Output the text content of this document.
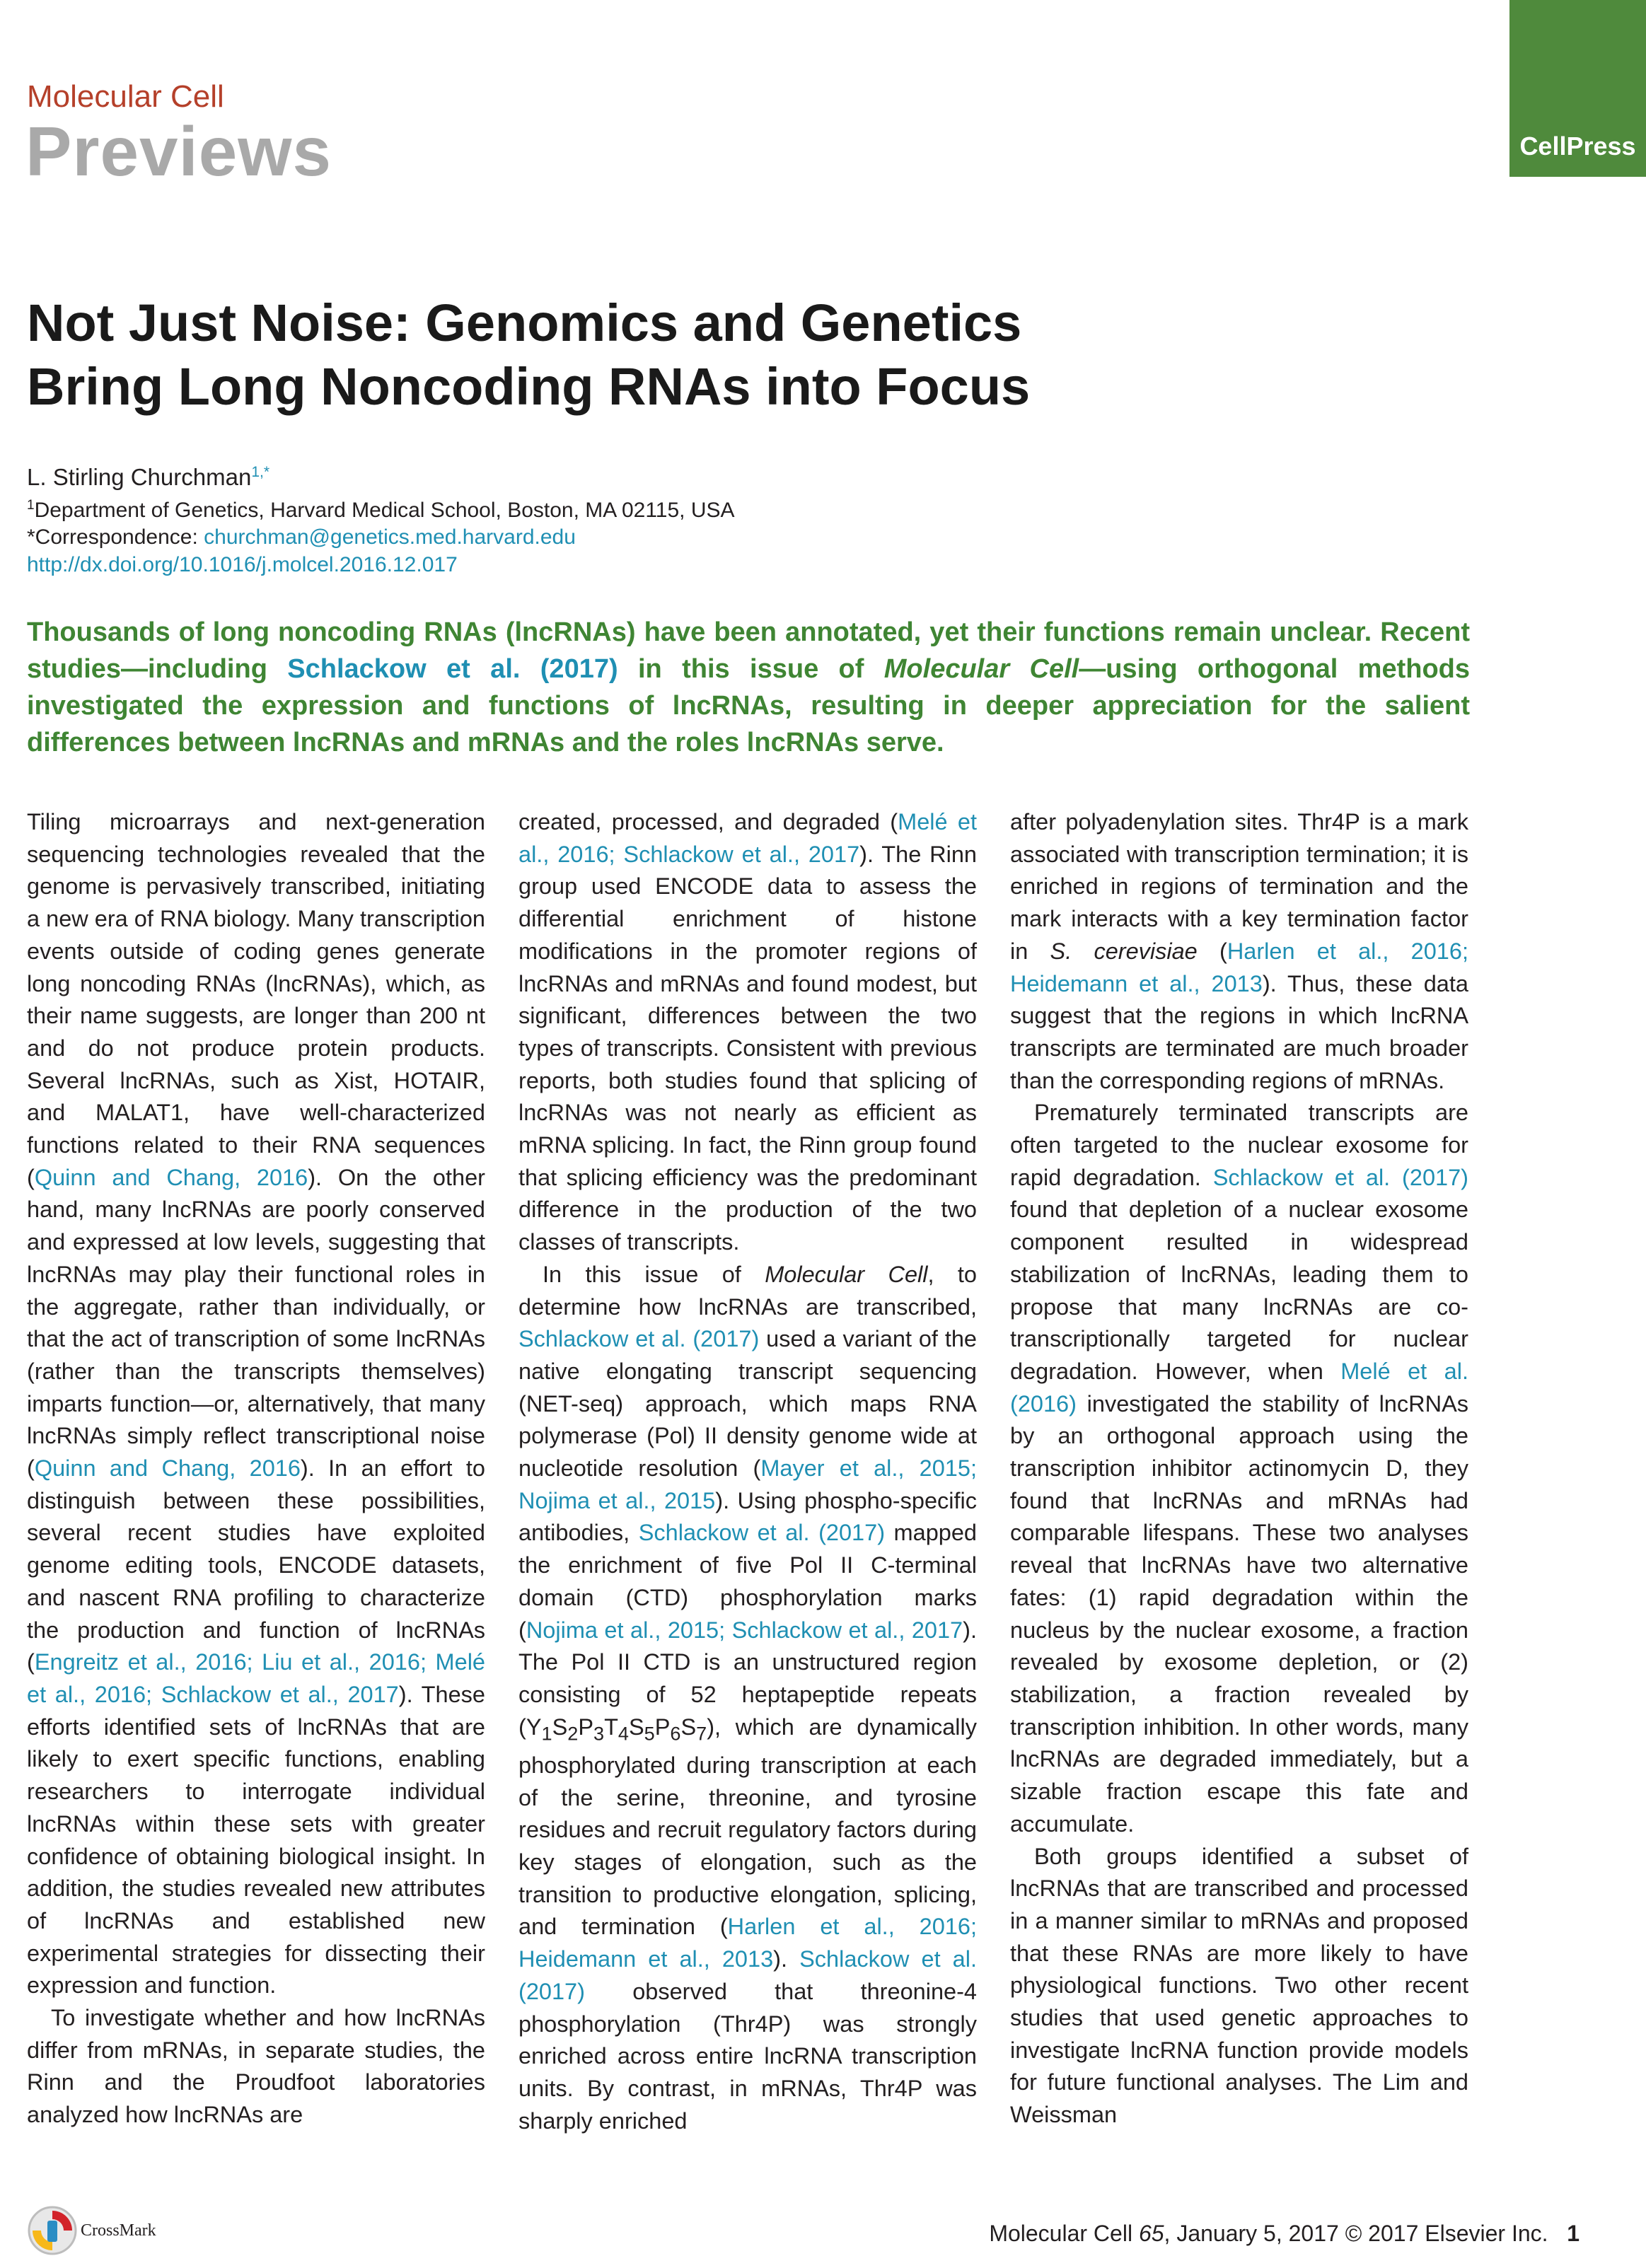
Molecular Cell
Previews	CellPress
Not Just Noise: Genomics and Genetics
Bring Long Noncoding RNAs into Focus
L. Stirling Churchman$^{1,*}$
$^1$Department of Genetics, Harvard Medical School, Boston, MA 02115, USA
*Correspondence: churchman@genetics.med.harvard.edu
http://dx.doi.org/10.1016/j.molcel.2016.12.017
Thousands of long noncoding RNAs (lncRNAs) have been annotated, yet their functions remain unclear. Recent studies—including Schlackow et al. (2017) in this issue of Molecular Cell—using orthogonal methods investigated the expression and functions of lncRNAs, resulting in deeper appreciation for the salient differences between lncRNAs and mRNAs and the roles lncRNAs serve.

Tiling microarrays and next-generation sequencing technologies revealed that the genome is pervasively transcribed, initiating a new era of RNA biology. Many transcription events outside of coding genes generate long noncoding RNAs (lncRNAs), which, as their name suggests, are longer than 200 nt and do not produce protein products. Several lncRNAs, such as Xist, HOTAIR, and MALAT1, have well-characterized functions related to their RNA sequences (Quinn and Chang, 2016). On the other hand, many lncRNAs are poorly conserved and expressed at low levels, suggesting that lncRNAs may play their functional roles in the aggregate, rather than individually, or that the act of transcription of some lncRNAs (rather than the transcripts themselves) imparts function—or, alternatively, that many lncRNAs simply reflect transcriptional noise (Quinn and Chang, 2016). In an effort to distinguish between these possibilities, several recent studies have exploited genome editing tools, ENCODE datasets, and nascent RNA profiling to characterize the production and function of lncRNAs (Engreitz et al., 2016; Liu et al., 2016; Melé et al., 2016; Schlackow et al., 2017). These efforts identified sets of lncRNAs that are likely to exert specific functions, enabling researchers to interrogate individual lncRNAs within these sets with greater confidence of obtaining biological insight. In addition, the studies revealed new attributes of lncRNAs and established new experimental strategies for dissecting their expression and function.

To investigate whether and how lncRNAs differ from mRNAs, in separate studies, the Rinn and the Proudfoot laboratories analyzed how lncRNAs are

created, processed, and degraded (Melé et al., 2016; Schlackow et al., 2017). The Rinn group used ENCODE data to assess the differential enrichment of histone modifications in the promoter regions of lncRNAs and mRNAs and found modest, but significant, differences between the two types of transcripts. Consistent with previous reports, both studies found that splicing of lncRNAs was not nearly as efficient as mRNA splicing. In fact, the Rinn group found that splicing efficiency was the predominant difference in the production of the two classes of transcripts.

In this issue of Molecular Cell, to determine how lncRNAs are transcribed, Schlackow et al. (2017) used a variant of the native elongating transcript sequencing (NET-seq) approach, which maps RNA polymerase (Pol) II density genome wide at nucleotide resolution (Mayer et al., 2015; Nojima et al., 2015). Using phospho-specific antibodies, Schlackow et al. (2017) mapped the enrichment of five Pol II C-terminal domain (CTD) phosphorylation marks (Nojima et al., 2015; Schlackow et al., 2017). The Pol II CTD is an unstructured region consisting of 52 heptapeptide repeats $(Y_1S_2P_3T_4S_5P_6S_7)$, which are dynamically phosphorylated during transcription at each of the serine, threonine, and tyrosine residues and recruit regulatory factors during key stages of elongation, such as the transition to productive elongation, splicing, and termination (Harlen et al., 2016; Heidemann et al., 2013). Schlackow et al. (2017) observed that threonine-4 phosphorylation (Thr4P) was strongly enriched across entire lncRNA transcription units. By contrast, in mRNAs, Thr4P was sharply enriched

after polyadenylation sites. Thr4P is a mark associated with transcription termination; it is enriched in regions of termination and the mark interacts with a key termination factor in S. cerevisiae (Harlen et al., 2016; Heidemann et al., 2013). Thus, these data suggest that the regions in which lncRNA transcripts are terminated are much broader than the corresponding regions of mRNAs.

Prematurely terminated transcripts are often targeted to the nuclear exosome for rapid degradation. Schlackow et al. (2017) found that depletion of a nuclear exosome component resulted in widespread stabilization of lncRNAs, leading them to propose that many lncRNAs are co-transcriptionally targeted for nuclear degradation. However, when Melé et al. (2016) investigated the stability of lncRNAs by an orthogonal approach using the transcription inhibitor actinomycin D, they found that lncRNAs and mRNAs had comparable lifespans. These two analyses reveal that lncRNAs have two alternative fates: (1) rapid degradation within the nucleus by the nuclear exosome, a fraction revealed by exosome depletion, or (2) stabilization, a fraction revealed by transcription inhibition. In other words, many lncRNAs are degraded immediately, but a sizable fraction escape this fate and accumulate.

Both groups identified a subset of lncRNAs that are transcribed and processed in a manner similar to mRNAs and proposed that these RNAs are more likely to have physiological functions. Two other recent studies that used genetic approaches to investigate lncRNA function provide models for future functional analyses. The Lim and Weissman

CrossMark	Molecular Cell 65, January 5, 2017 © 2017 Elsevier Inc. 1
